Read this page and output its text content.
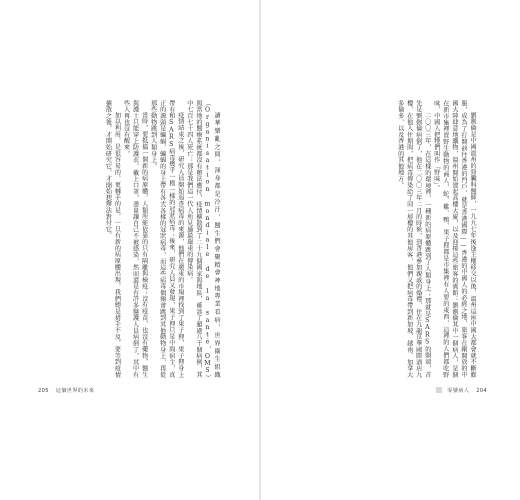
讀華樂亂之間，渾身都是冷汗，醫生們會聚精會神地專業看病，世界衛生組織（Organisation mondiale de la santé，OMS）與當地的醫療系統都沒有辦法應付，疫情擴散到了二十九個國家與地區，確診了超過八千個病例，其中七百七十四人死亡；那是我們這一代人所見過最嚴重的傳染病。

疫情結束之後，研究人員開始追查病毒的來源，他們在廣東的市場裡找到了果子狸，果子狸身上帶有和SARS病毒幾乎一模一樣的冠狀病毒；後來，研究人員又發現，果子狸只是中間宿主，真正的源頭是蝙蝠，蝙蝠的身上帶有各式各樣的冠狀病毒，而這些病毒偶爾會跳到其他動物身上，再從那些動物跳到人類身上。

當時，要抵擋一個新的病原體，人類所能依靠的只有隔離與檢疫；沒有疫苗，也沒有藥物，醫生與護士只能穿上防護衣，戴上口罩，盡量讓自己不被感染，然而還是有許多醫護人員病倒了，其中有些人再也沒有醒來。

加以利用，是很容易的，更棘手的是，一旦有新的病原體出現，我們總是措手不及，要等到疫情擴散之後，才開始研究它，才開始想辦法對付它。

205 這個世界的未來

劉劍倫是中國溫州的肾臟科醫師，一九九七年後逢主權移交以後，溫州這座中國大都會就不斷膨脹，成為了打開前往香港的門戶，就是香港國際——香港的中國人的必經之地，旅客在剛開放的中國大陸肆意地購物，溫州開始建起高樓大廈，以及迎接這些旅客的賓館；劉劍倫其中一個病人，是個在新市集裡賣野生動物的商人，蛇、雞、鴨、果子狸都是市集裡有人要的東西，這裡的人們都吃野味，中國人把牠們叫作「野味」。

二〇〇三年，在這樣的環境裡，一種新的病原體跳到了人類身上；那就是SARS的開端，首先是劉劍倫病倒了，他在二〇〇三年二月的時候，到香港參加親戚的婚禮，住在九龍京華國際酒店九樓，在他入住期間，把病毒傳染給了同一層樓的其他房客，他們又把病毒帶到新加坡、越南、加拿大多倫多，以及香港的其他地方。

零號病人 204
